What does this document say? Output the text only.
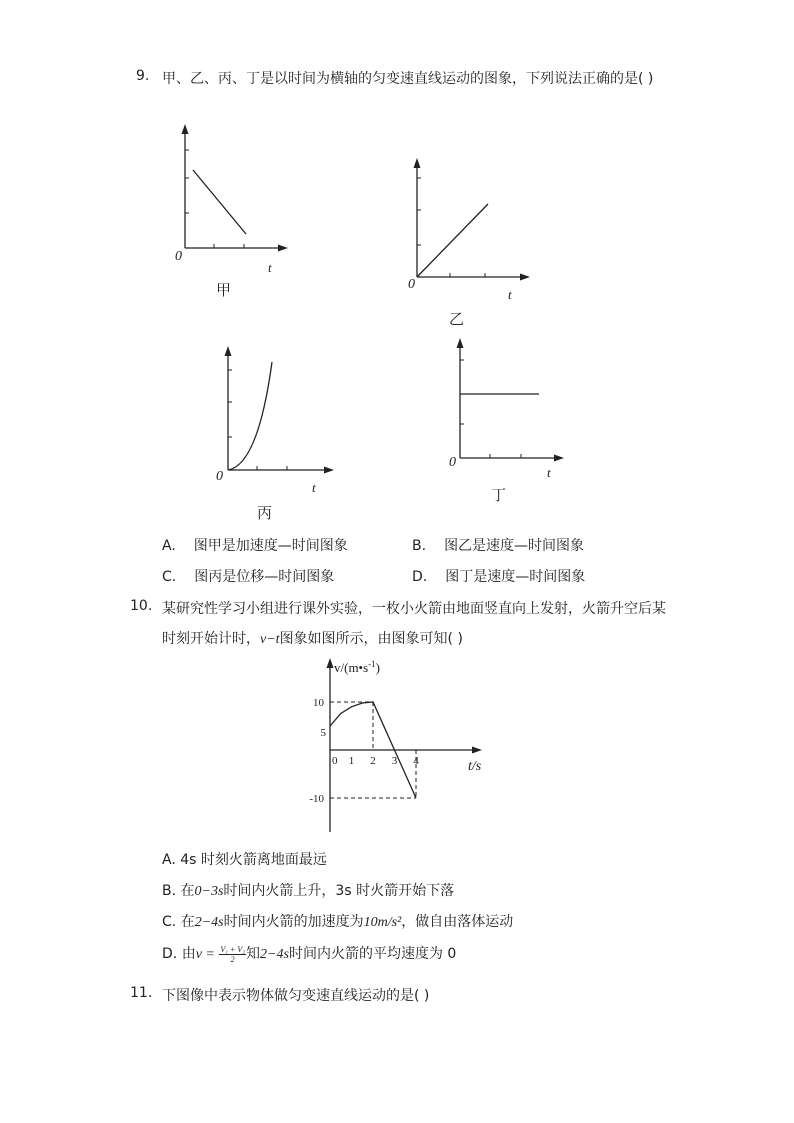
9. 甲、乙、丙、丁是以时间为横轴的匀变速直线运动的图象，下列说法正确的是( )
0
t
甲	0
t
乙
0
t
丙
0
t
丁
A. 图甲是加速度—时间图象	B. 图乙是速度—时间图象
C. 图丙是位移—时间图象	D. 图丁是速度—时间图象
10. 某研究性学习小组进行课外实验，一枚小火箭由地面竖直向上发射，火箭升空后某
时刻开始计时，v−t图象如图所示，由图象可知( )
10
5
-10
0 1 2 3 4
$v/(m•s^{-1})$
t/s
A. 4s 时刻火箭离地面最远
B. 在0−3s时间内火箭上升，3s 时火箭开始下落
C. 在2−4s时间内火箭的加速度为10m/s²，做自由落体运动
D. 由$v = \frac{\text{V₁ + V₂}}{2}$ 知2−4s时间内火箭的平均速度为 0
11. 下图像中表示物体做匀变速直线运动的是( )
